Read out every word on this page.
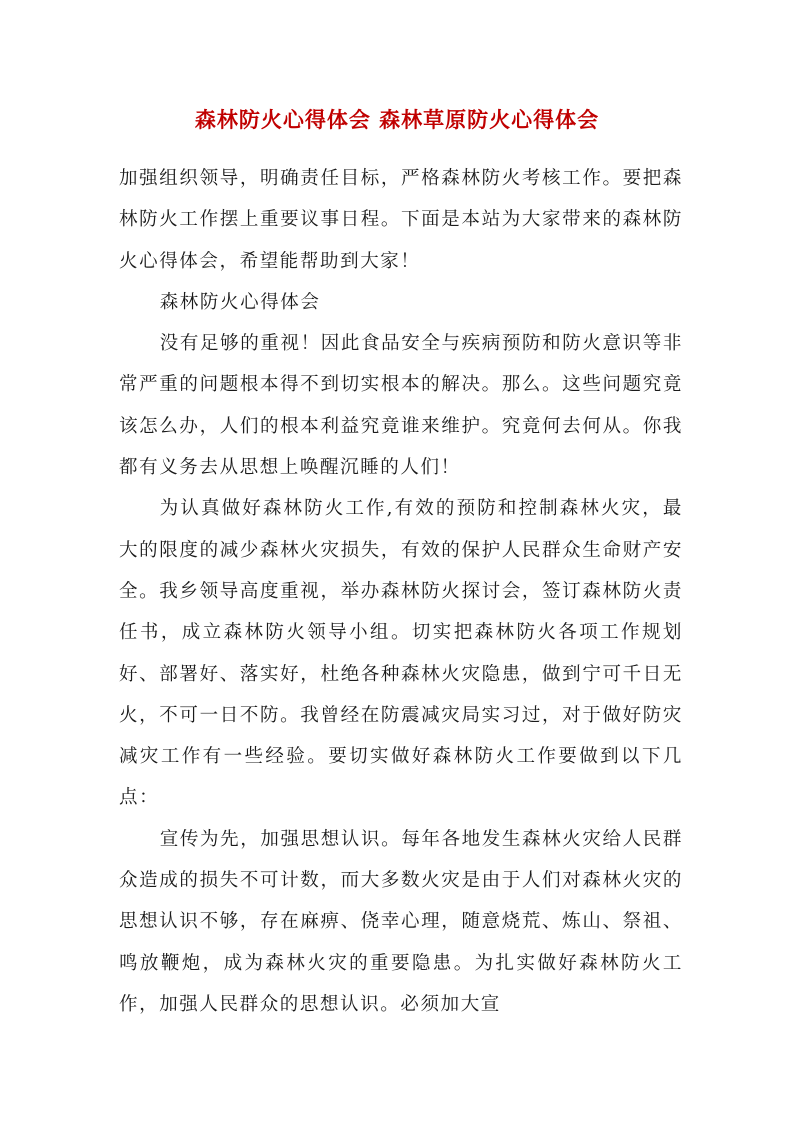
森林防火心得体会 森林草原防火心得体会

加强组织领导，明确责任目标，严格森林防火考核工作。要把森林防火工作摆上重要议事日程。下面是本站为大家带来的森林防火心得体会，希望能帮助到大家！

森林防火心得体会

没有足够的重视！因此食品安全与疾病预防和防火意识等非常严重的问题根本得不到切实根本的解决。那么。这些问题究竟该怎么办，人们的根本利益究竟谁来维护。究竟何去何从。你我都有义务去从思想上唤醒沉睡的人们！

为认真做好森林防火工作,有效的预防和控制森林火灾，最大的限度的减少森林火灾损失，有效的保护人民群众生命财产安全。我乡领导高度重视，举办森林防火探讨会，签订森林防火责任书，成立森林防火领导小组。切实把森林防火各项工作规划好、部署好、落实好，杜绝各种森林火灾隐患，做到宁可千日无火，不可一日不防。我曾经在防震减灾局实习过，对于做好防灾减灾工作有一些经验。要切实做好森林防火工作要做到以下几点：

宣传为先，加强思想认识。每年各地发生森林火灾给人民群众造成的损失不可计数，而大多数火灾是由于人们对森林火灾的思想认识不够，存在麻痹、侥幸心理，随意烧荒、炼山、祭祖、鸣放鞭炮，成为森林火灾的重要隐患。为扎实做好森林防火工作，加强人民群众的思想认识。必须加大宣
